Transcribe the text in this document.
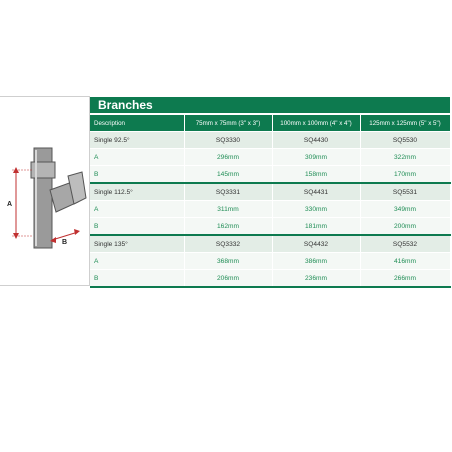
A
B
Branches
Description	75mm x 75mm (3" x 3")	100mm x 100mm (4" x 4")	125mm x 125mm (5" x 5")
Single 92.5°	SQ3330	SQ4430	SQ5530
A	296mm	309mm	322mm
B	145mm	158mm	170mm
Single 112.5°	SQ3331	SQ4431	SQ5531
A	311mm	330mm	349mm
B	162mm	181mm	200mm
Single 135°	SQ3332	SQ4432	SQ5532
A	368mm	386mm	416mm
B	206mm	236mm	266mm
